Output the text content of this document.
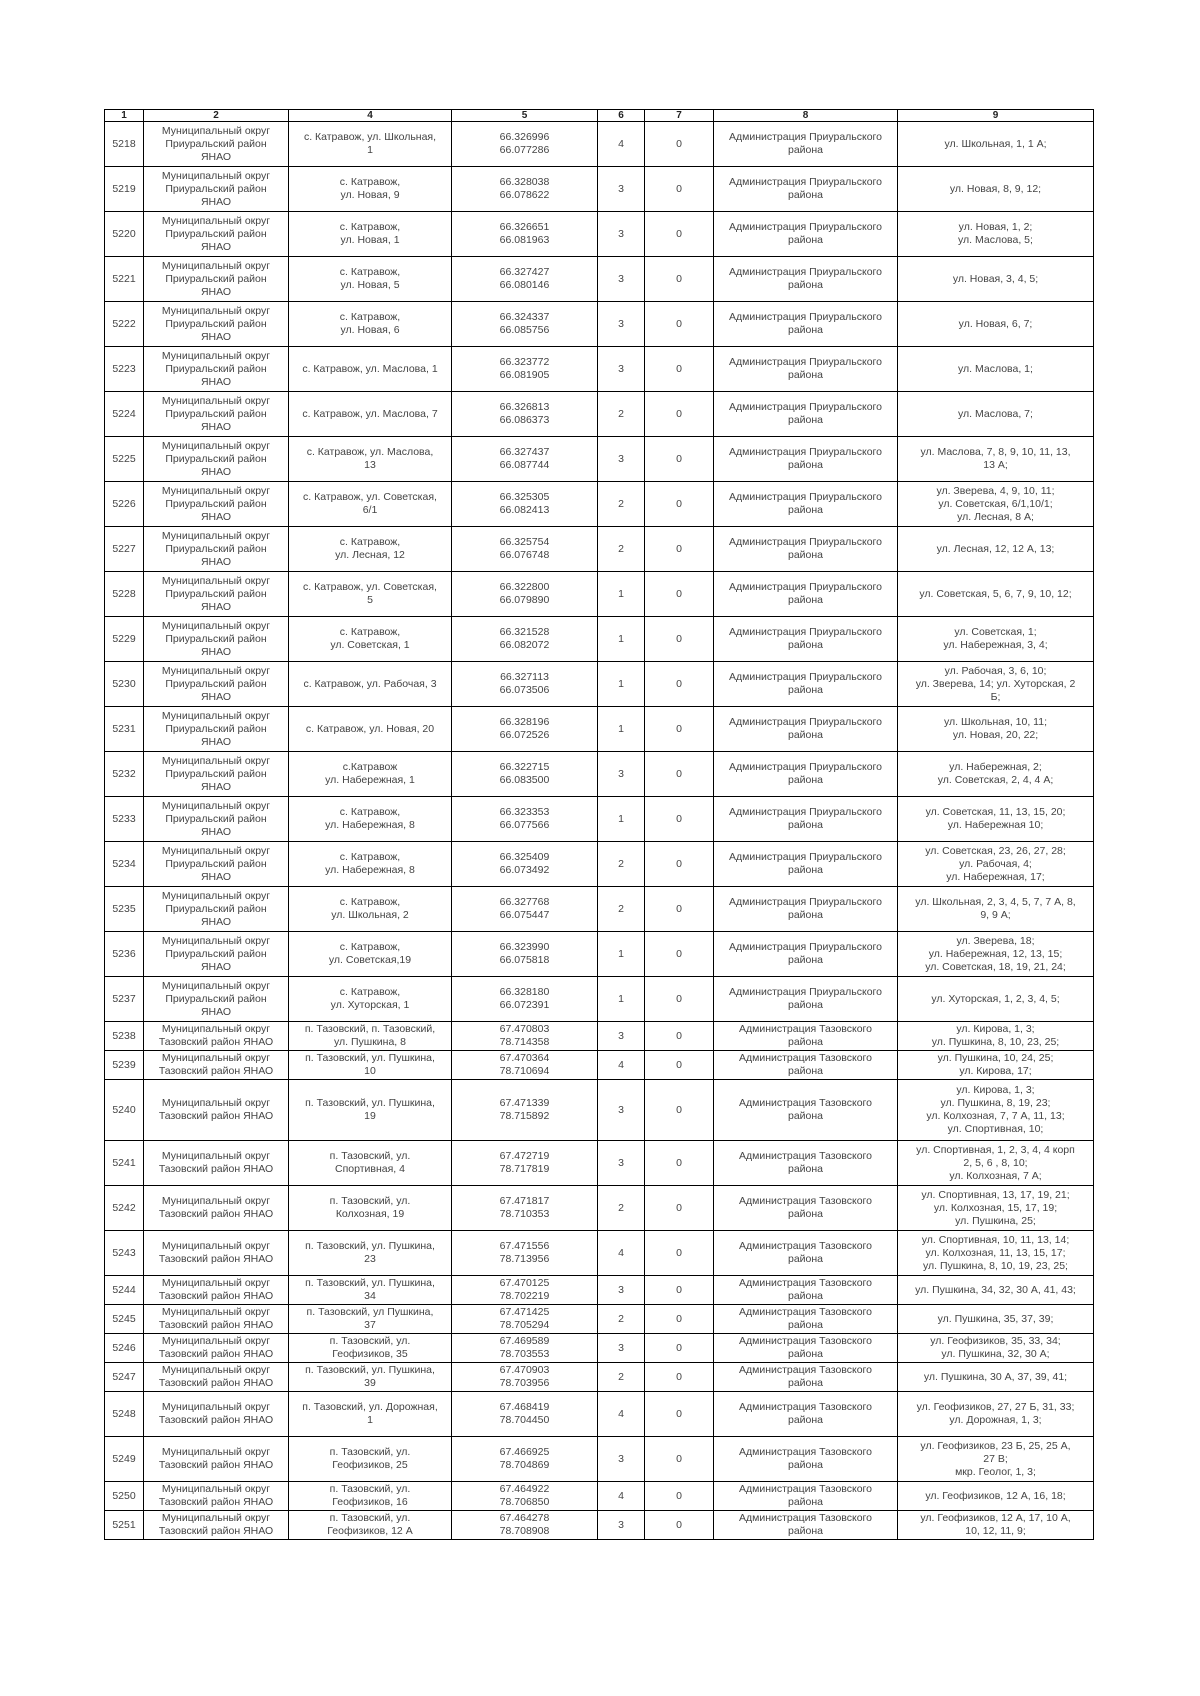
1	2	4	5	6	7	8	9
5218	Муниципальный округ
Приуральский район
ЯНАО	с. Катравож, ул. Школьная,
1	66.326996
66.077286	4	0	Администрация Приуральского
района	ул. Школьная, 1, 1 А;
5219	Муниципальный округ
Приуральский район
ЯНАО	с. Катравож,
ул. Новая, 9	66.328038
66.078622	3	0	Администрация Приуральского
района	ул. Новая, 8, 9, 12;
5220	Муниципальный округ
Приуральский район
ЯНАО	с. Катравож,
ул. Новая, 1	66.326651
66.081963	3	0	Администрация Приуральского
района	ул. Новая, 1, 2;
ул. Маслова, 5;
5221	Муниципальный округ
Приуральский район
ЯНАО	с. Катравож,
ул. Новая, 5	66.327427
66.080146	3	0	Администрация Приуральского
района	ул. Новая, 3, 4, 5;
5222	Муниципальный округ
Приуральский район
ЯНАО	с. Катравож,
ул. Новая, 6	66.324337
66.085756	3	0	Администрация Приуральского
района	ул. Новая, 6, 7;
5223	Муниципальный округ
Приуральский район
ЯНАО	с. Катравож, ул. Маслова, 1	66.323772
66.081905	3	0	Администрация Приуральского
района	ул. Маслова, 1;
5224	Муниципальный округ
Приуральский район
ЯНАО	с. Катравож, ул. Маслова, 7	66.326813
66.086373	2	0	Администрация Приуральского
района	ул. Маслова, 7;
5225	Муниципальный округ
Приуральский район
ЯНАО	с. Катравож, ул. Маслова,
13	66.327437
66.087744	3	0	Администрация Приуральского
района	ул. Маслова, 7, 8, 9, 10, 11, 13,
13 А;
5226	Муниципальный округ
Приуральский район
ЯНАО	с. Катравож, ул. Советская,
6/1	66.325305
66.082413	2	0	Администрация Приуральского
района	ул. Зверева, 4, 9, 10, 11;
ул. Советская, 6/1,10/1;
ул. Лесная, 8 А;
5227	Муниципальный округ
Приуральский район
ЯНАО	с. Катравож,
ул. Лесная, 12	66.325754
66.076748	2	0	Администрация Приуральского
района	ул. Лесная, 12, 12 А, 13;
5228	Муниципальный округ
Приуральский район
ЯНАО	с. Катравож, ул. Советская,
5	66.322800
66.079890	1	0	Администрация Приуральского
района	ул. Советская, 5, 6, 7, 9, 10, 12;
5229	Муниципальный округ
Приуральский район
ЯНАО	с. Катравож,
ул. Советская, 1	66.321528
66.082072	1	0	Администрация Приуральского
района	ул. Советская, 1;
ул. Набережная, 3, 4;
5230	Муниципальный округ
Приуральский район
ЯНАО	с. Катравож, ул. Рабочая, 3	66.327113
66.073506	1	0	Администрация Приуральского
района	ул. Рабочая, 3, 6, 10;
ул. Зверева, 14; ул. Хуторская, 2
Б;
5231	Муниципальный округ
Приуральский район
ЯНАО	с. Катравож, ул. Новая, 20	66.328196
66.072526	1	0	Администрация Приуральского
района	ул. Школьная, 10, 11;
ул. Новая, 20, 22;
5232	Муниципальный округ
Приуральский район
ЯНАО	с.Катравож
ул. Набережная, 1	66.322715
66.083500	3	0	Администрация Приуральского
района	ул. Набережная, 2;
ул. Советская, 2, 4, 4 А;
5233	Муниципальный округ
Приуральский район
ЯНАО	с. Катравож,
ул. Набережная, 8	66.323353
66.077566	1	0	Администрация Приуральского
района	ул. Советская, 11, 13, 15, 20;
ул. Набережная 10;
5234	Муниципальный округ
Приуральский район
ЯНАО	с. Катравож,
ул. Набережная, 8	66.325409
66.073492	2	0	Администрация Приуральского
района	ул. Советская, 23, 26, 27, 28;
ул. Рабочая, 4;
ул. Набережная, 17;
5235	Муниципальный округ
Приуральский район
ЯНАО	с. Катравож,
ул. Школьная, 2	66.327768
66.075447	2	0	Администрация Приуральского
района	ул. Школьная, 2, 3, 4, 5, 7, 7 А, 8,
9, 9 А;
5236	Муниципальный округ
Приуральский район
ЯНАО	с. Катравож,
ул. Советская,19	66.323990
66.075818	1	0	Администрация Приуральского
района	ул. Зверева, 18;
ул. Набережная, 12, 13, 15;
ул. Советская, 18, 19, 21, 24;
5237	Муниципальный округ
Приуральский район
ЯНАО	с. Катравож,
ул. Хуторская, 1	66.328180
66.072391	1	0	Администрация Приуральского
района	ул. Хуторская, 1, 2, 3, 4, 5;
5238	Муниципальный округ
Тазовский район ЯНАО	п. Тазовский, п. Тазовский,
ул. Пушкина, 8	67.470803
78.714358	3	0	Администрация Тазовского
района	ул. Кирова, 1, 3;
ул. Пушкина, 8, 10, 23, 25;
5239	Муниципальный округ
Тазовский район ЯНАО	п. Тазовский, ул. Пушкина,
10	67.470364
78.710694	4	0	Администрация Тазовского
района	ул. Пушкина, 10, 24, 25;
ул. Кирова, 17;
5240	Муниципальный округ
Тазовский район ЯНАО	п. Тазовский, ул. Пушкина,
19	67.471339
78.715892	3	0	Администрация Тазовского
района	ул. Кирова, 1, 3;
ул. Пушкина, 8, 19, 23;
ул. Колхозная, 7, 7 А, 11, 13;
ул. Спортивная, 10;
5241	Муниципальный округ
Тазовский район ЯНАО	п. Тазовский, ул.
Спортивная, 4	67.472719
78.717819	3	0	Администрация Тазовского
района	ул. Спортивная, 1, 2, 3, 4, 4 корп
2, 5, 6 , 8, 10;
ул. Колхозная, 7 А;
5242	Муниципальный округ
Тазовский район ЯНАО	п. Тазовский, ул.
Колхозная, 19	67.471817
78.710353	2	0	Администрация Тазовского
района	ул. Спортивная, 13, 17, 19, 21;
ул. Колхозная, 15, 17, 19;
ул. Пушкина, 25;
5243	Муниципальный округ
Тазовский район ЯНАО	п. Тазовский, ул. Пушкина,
23	67.471556
78.713956	4	0	Администрация Тазовского
района	ул. Спортивная, 10, 11, 13, 14;
ул. Колхозная, 11, 13, 15, 17;
ул. Пушкина, 8, 10, 19, 23, 25;
5244	Муниципальный округ
Тазовский район ЯНАО	п. Тазовский, ул. Пушкина,
34	67.470125
78.702219	3	0	Администрация Тазовского
района	ул. Пушкина, 34, 32, 30 А, 41, 43;
5245	Муниципальный округ
Тазовский район ЯНАО	п. Тазовский, ул Пушкина,
37	67.471425
78.705294	2	0	Администрация Тазовского
района	ул. Пушкина, 35, 37, 39;
5246	Муниципальный округ
Тазовский район ЯНАО	п. Тазовский, ул.
Геофизиков, 35	67.469589
78.703553	3	0	Администрация Тазовского
района	ул. Геофизиков, 35, 33, 34;
ул. Пушкина, 32, 30 А;
5247	Муниципальный округ
Тазовский район ЯНАО	п. Тазовский, ул. Пушкина,
39	67.470903
78.703956	2	0	Администрация Тазовского
района	ул. Пушкина, 30 А, 37, 39, 41;
5248	Муниципальный округ
Тазовский район ЯНАО	п. Тазовский, ул. Дорожная,
1	67.468419
78.704450	4	0	Администрация Тазовского
района	ул. Геофизиков, 27, 27 Б, 31, 33;
ул. Дорожная, 1, 3;
5249	Муниципальный округ
Тазовский район ЯНАО	п. Тазовский, ул.
Геофизиков, 25	67.466925
78.704869	3	0	Администрация Тазовского
района	ул. Геофизиков, 23 Б, 25, 25 А,
27 В;
мкр. Геолог, 1, 3;
5250	Муниципальный округ
Тазовский район ЯНАО	п. Тазовский, ул.
Геофизиков, 16	67.464922
78.706850	4	0	Администрация Тазовского
района	ул. Геофизиков, 12 А, 16, 18;
5251	Муниципальный округ
Тазовский район ЯНАО	п. Тазовский, ул.
Геофизиков, 12 А	67.464278
78.708908	3	0	Администрация Тазовского
района	ул. Геофизиков, 12 А, 17, 10 А,
10, 12, 11, 9;
